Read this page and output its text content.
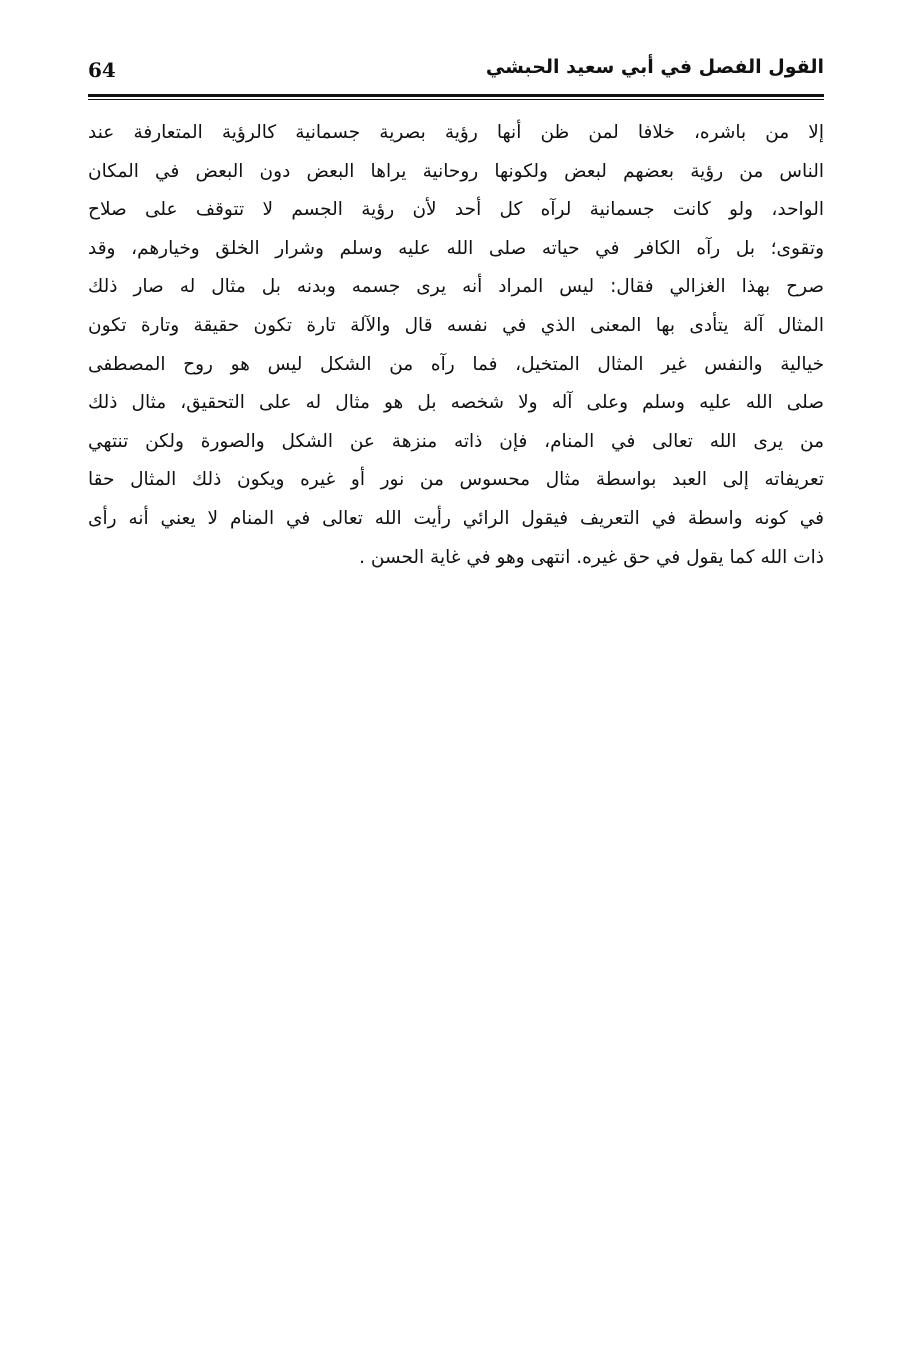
64	القول الفصل في أبي سعيد الحبشي
إلا من باشره، خلافا لمن ظن أنها رؤية بصرية جسمانية كالرؤية المتعارفة عند
الناس من رؤية بعضهم لبعض ولكونها روحانية يراها البعض دون البعض في المكان
الواحد، ولو كانت جسمانية لرآه كل أحد لأن رؤية الجسم لا تتوقف على صلاح
وتقوى؛ بل رآه الكافر في حياته صلى الله عليه وسلم وشرار الخلق وخيارهم، وقد
صرح بهذا الغزالي فقال: ليس المراد أنه يرى جسمه وبدنه بل مثال له صار ذلك
المثال آلة يتأدى بها المعنى الذي في نفسه قال والآلة تارة تكون حقيقة وتارة تكون
خيالية والنفس غير المثال المتخيل، فما رآه من الشكل ليس هو روح المصطفى
صلى الله عليه وسلم وعلى آله ولا شخصه بل هو مثال له على التحقيق، مثال ذلك
من يرى الله تعالى في المنام، فإن ذاته منزهة عن الشكل والصورة ولكن تنتهي
تعريفاته إلى العبد بواسطة مثال محسوس من نور أو غيره ويكون ذلك المثال حقا
في كونه واسطة في التعريف فيقول الرائي رأيت الله تعالى في المنام لا يعني أنه رأى
ذات الله كما يقول في حق غيره. انتهى وهو في غاية الحسن .
